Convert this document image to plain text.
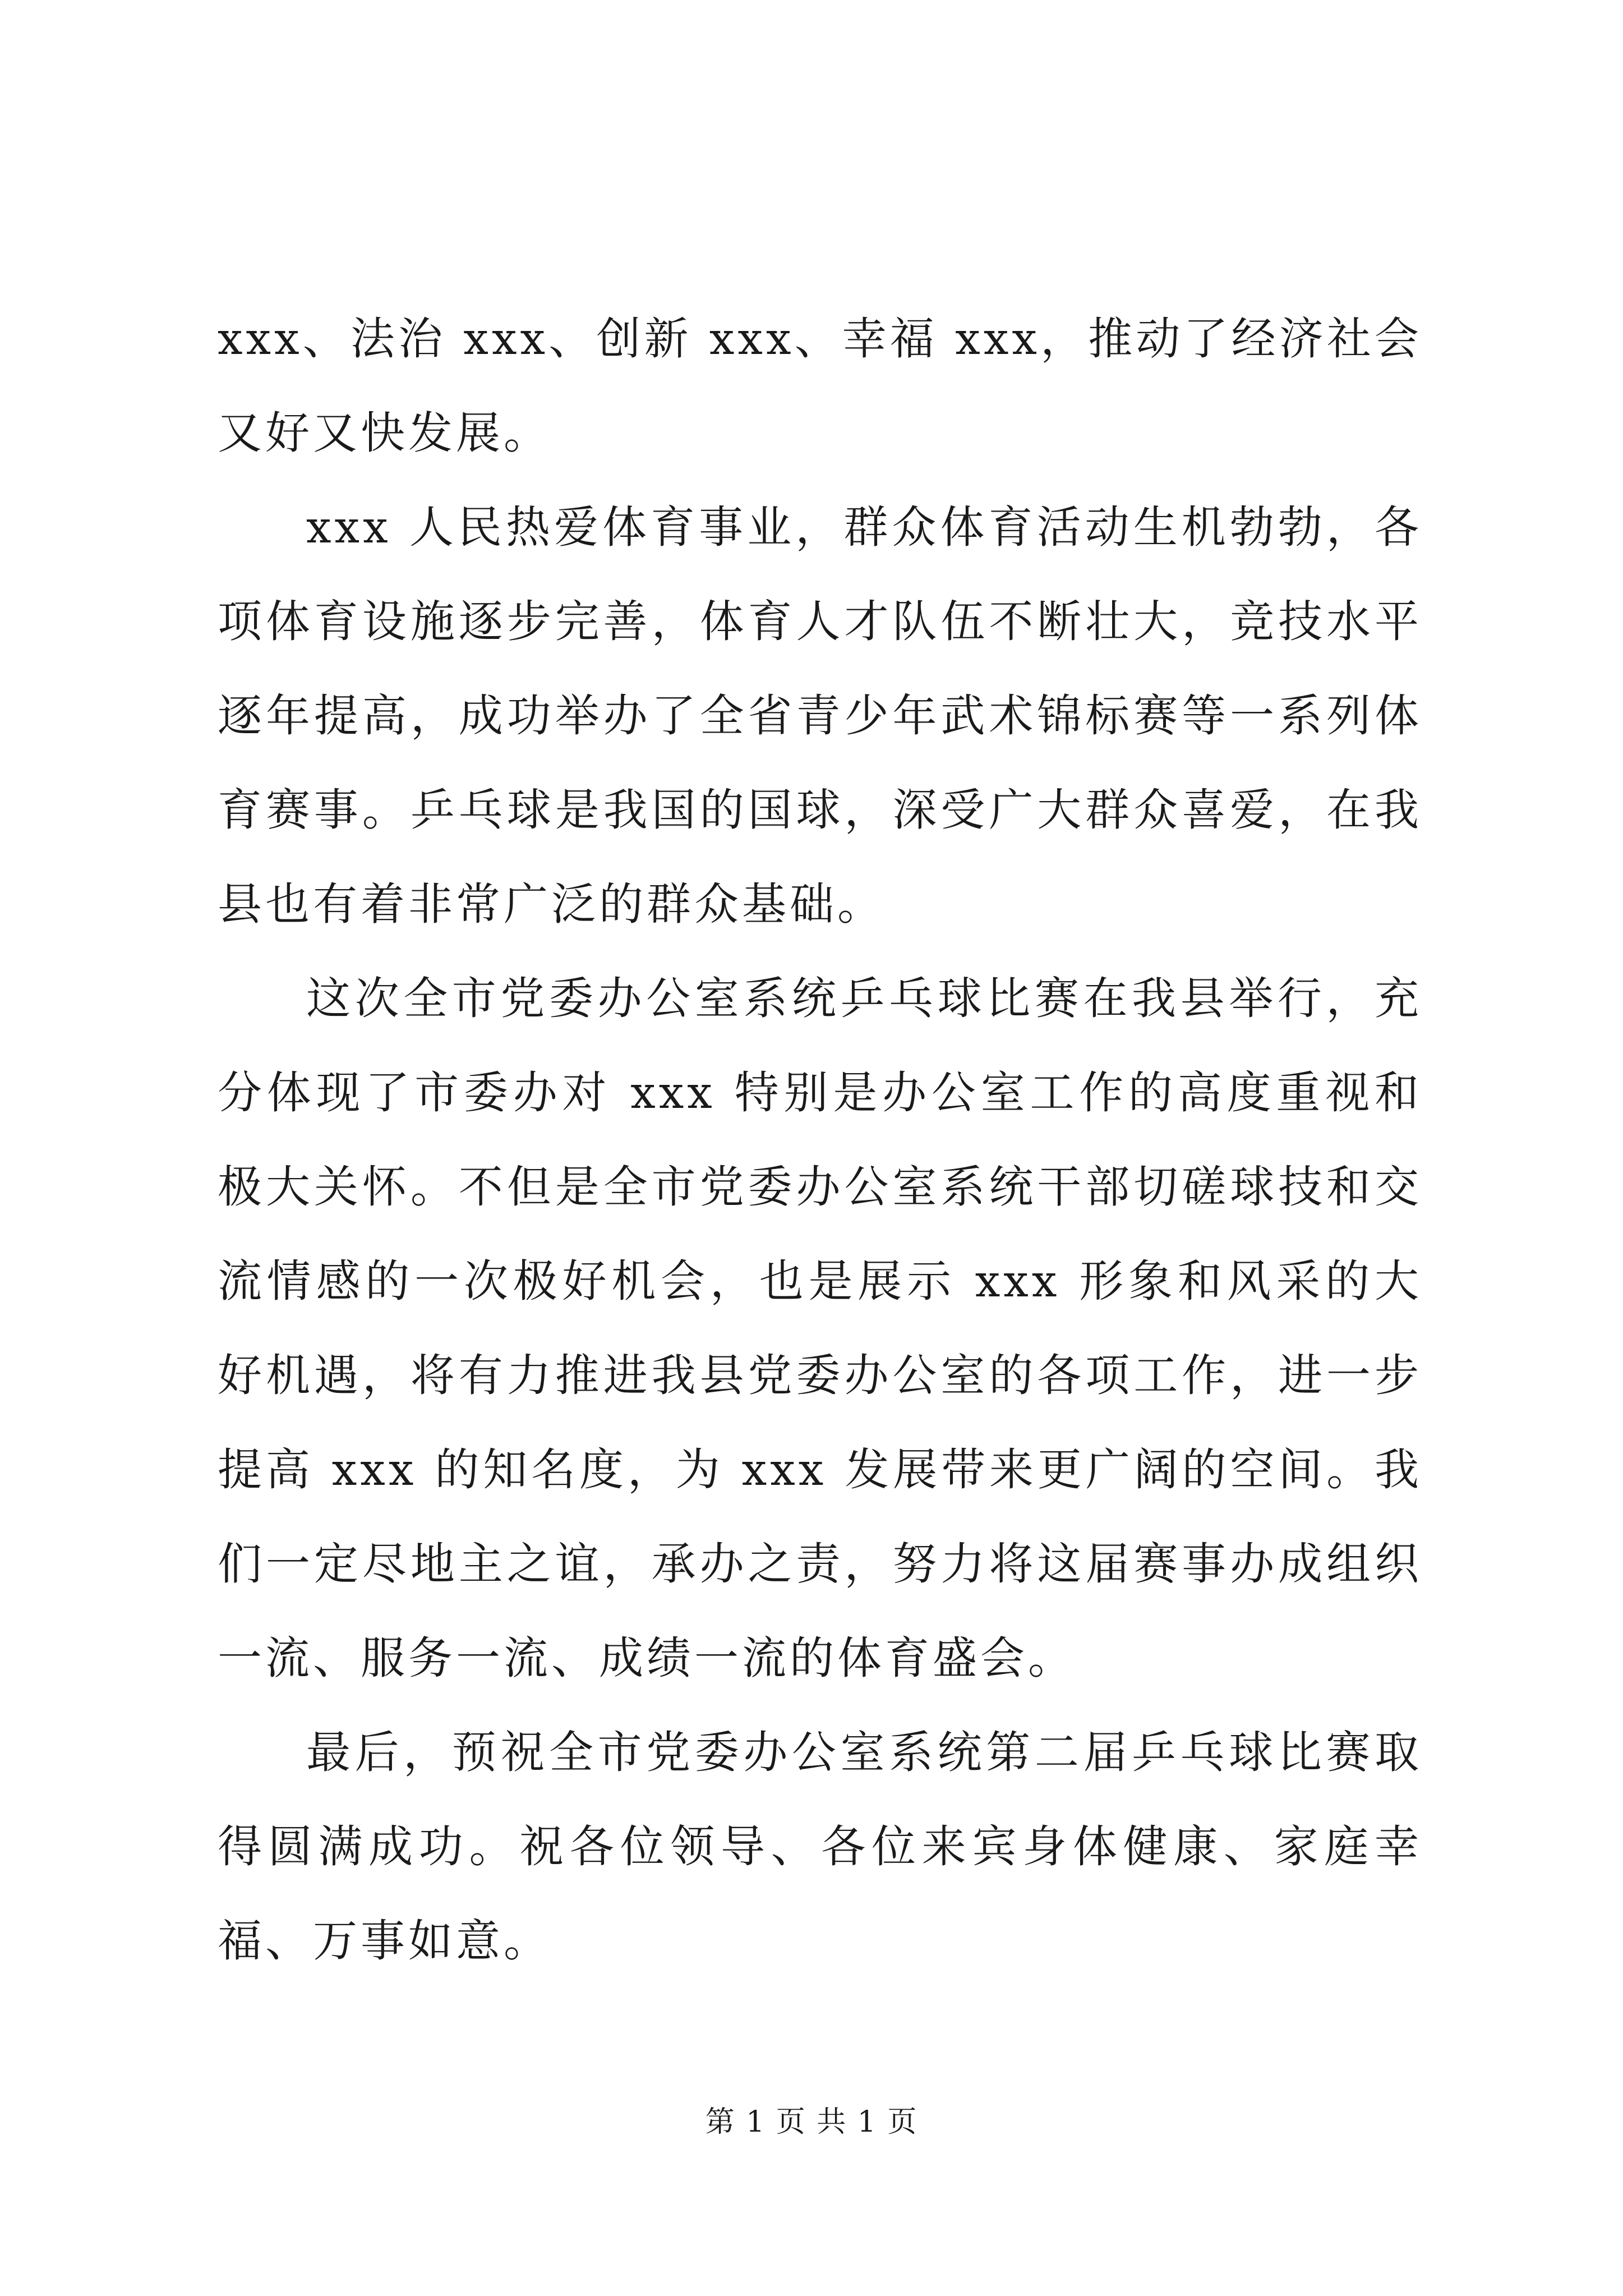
xxx、法治 xxx、创新 xxx、幸福 xxx，推动了经济社会又好又快发展。

xxx 人民热爱体育事业，群众体育活动生机勃勃，各项体育设施逐步完善，体育人才队伍不断壮大，竞技水平逐年提高，成功举办了全省青少年武术锦标赛等一系列体育赛事。乒乓球是我国的国球，深受广大群众喜爱，在我县也有着非常广泛的群众基础。

这次全市党委办公室系统乒乓球比赛在我县举行，充分体现了市委办对 xxx 特别是办公室工作的高度重视和极大关怀。不但是全市党委办公室系统干部切磋球技和交流情感的一次极好机会，也是展示 xxx 形象和风采的大好机遇，将有力推进我县党委办公室的各项工作，进一步提高 xxx 的知名度，为 xxx 发展带来更广阔的空间。我们一定尽地主之谊，承办之责，努力将这届赛事办成组织一流、服务一流、成绩一流的体育盛会。

最后，预祝全市党委办公室系统第二届乒乓球比赛取得圆满成功。祝各位领导、各位来宾身体健康、家庭幸福、万事如意。

第 1 页 共 1 页
